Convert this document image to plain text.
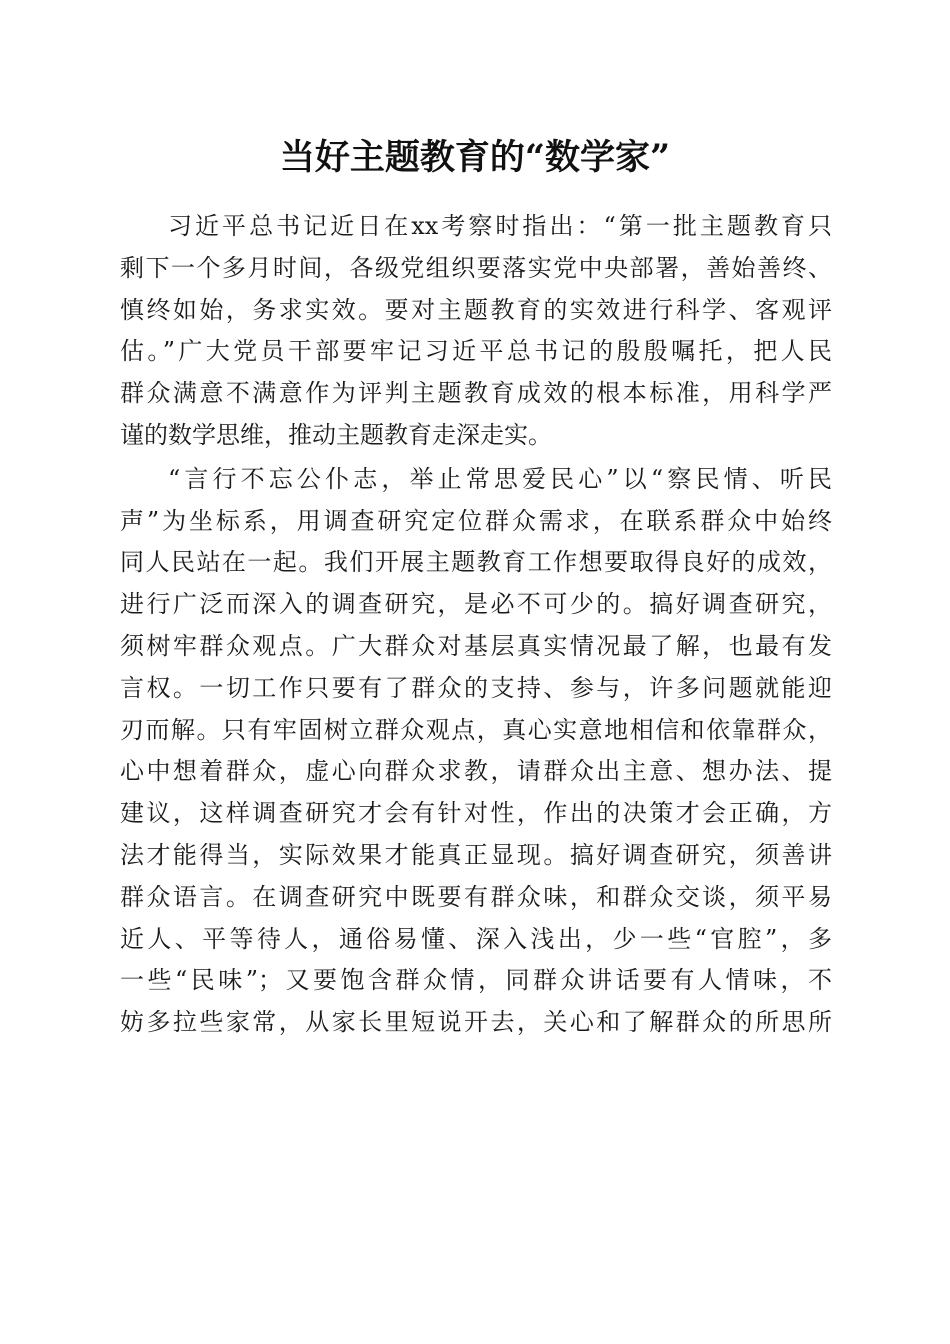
当好主题教育的“数学家”
习近平总书记近日在xx考察时指出：“第一批主题教育只
剩下一个多月时间，各级党组织要落实党中央部署，善始善终、
慎终如始，务求实效。要对主题教育的实效进行科学、客观评
估。”广大党员干部要牢记习近平总书记的殷殷嘱托，把人民
群众满意不满意作为评判主题教育成效的根本标准，用科学严
谨的数学思维，推动主题教育走深走实。
“言行不忘公仆志，举止常思爱民心”以“察民情、听民
声”为坐标系，用调查研究定位群众需求，在联系群众中始终
同人民站在一起。我们开展主题教育工作想要取得良好的成效，
进行广泛而深入的调查研究，是必不可少的。搞好调查研究，
须树牢群众观点。广大群众对基层真实情况最了解，也最有发
言权。一切工作只要有了群众的支持、参与，许多问题就能迎
刃而解。只有牢固树立群众观点，真心实意地相信和依靠群众，
心中想着群众，虚心向群众求教，请群众出主意、想办法、提
建议，这样调查研究才会有针对性，作出的决策才会正确，方
法才能得当，实际效果才能真正显现。搞好调查研究，须善讲
群众语言。在调查研究中既要有群众味，和群众交谈，须平易
近人、平等待人，通俗易懂、深入浅出，少一些“官腔”，多
一些“民味”；又要饱含群众情，同群众讲话要有人情味，不
妨多拉些家常，从家长里短说开去，关心和了解群众的所思所
